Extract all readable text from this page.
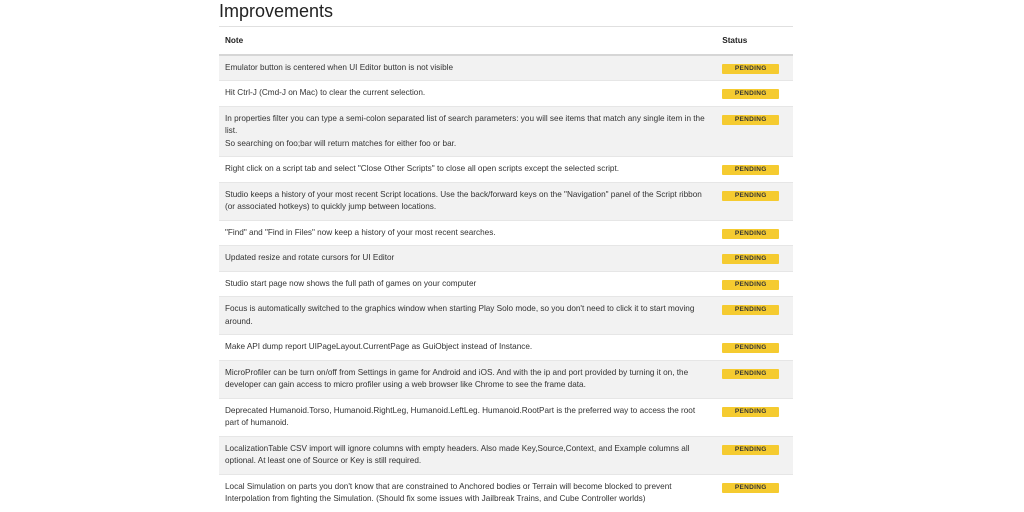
Improvements
Note	Status

Emulator button is centered when UI Editor button is not visible	PENDING

Hit Ctrl-J (Cmd-J on Mac) to clear the current selection.	PENDING

In properties filter you can type a semi-colon separated list of search parameters: you will see items that match any single item in the list.
So searching on foo;bar will return matches for either foo or bar.	PENDING

Right click on a script tab and select "Close Other Scripts" to close all open scripts except the selected script.	PENDING

Studio keeps a history of your most recent Script locations. Use the back/forward keys on the "Navigation" panel of the Script ribbon (or associated hotkeys) to quickly jump between locations.	PENDING

"Find" and "Find in Files" now keep a history of your most recent searches.	PENDING

Updated resize and rotate cursors for UI Editor	PENDING

Studio start page now shows the full path of games on your computer	PENDING

Focus is automatically switched to the graphics window when starting Play Solo mode, so you don't need to click it to start moving around.	PENDING

Make API dump report UIPageLayout.CurrentPage as GuiObject instead of Instance.	PENDING

MicroProfiler can be turn on/off from Settings in game for Android and iOS. And with the ip and port provided by turning it on, the developer can gain access to micro profiler using a web browser like Chrome to see the frame data.	PENDING

Deprecated Humanoid.Torso, Humanoid.RightLeg, Humanoid.LeftLeg. Humanoid.RootPart is the preferred way to access the root part of humanoid.	PENDING

LocalizationTable CSV import will ignore columns with empty headers. Also made Key,Source,Context, and Example columns all optional. At least one of Source or Key is still required.	PENDING

Local Simulation on parts you don't know that are constrained to Anchored bodies or Terrain will become blocked to prevent Interpolation from fighting the Simulation. (Should fix some issues with Jailbreak Trains, and Cube Controller worlds)	PENDING
